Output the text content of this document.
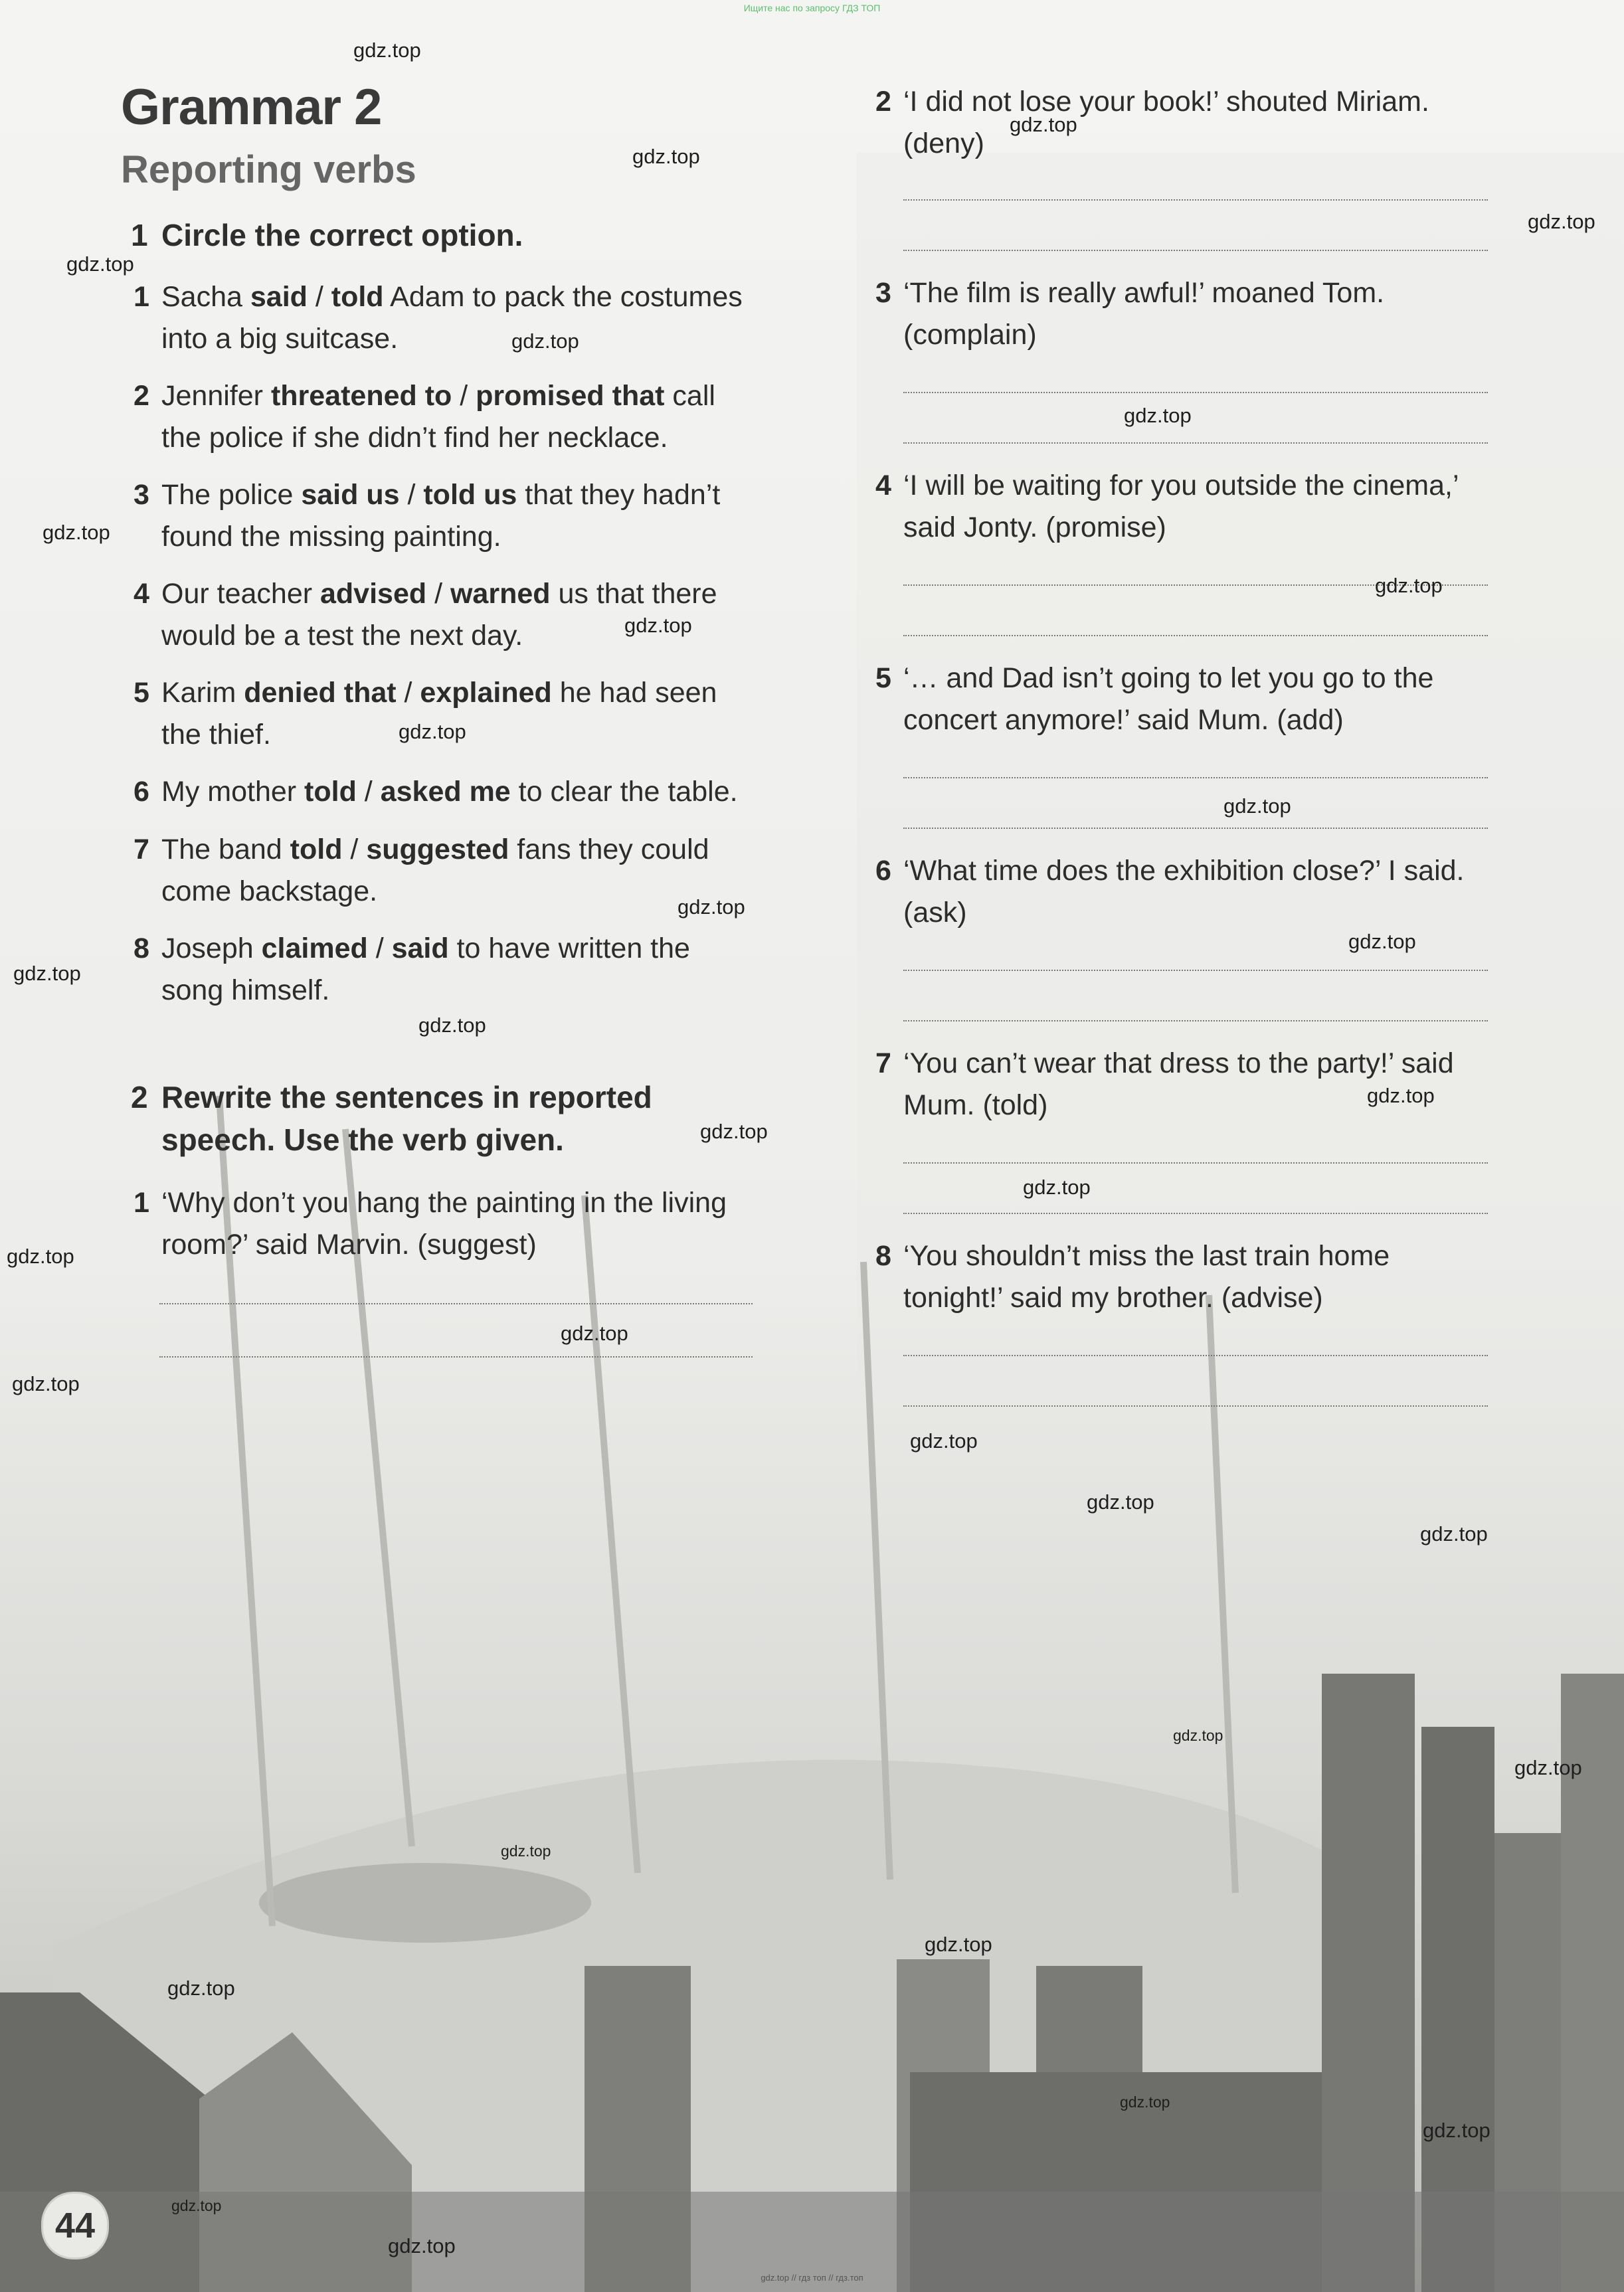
Ищите нас по запросу ГДЗ ТОП
Grammar 2
Reporting verbs
1 Circle the correct option.
1 Sacha said / told Adam to pack the costumes
into a big suitcase.
2 Jennifer threatened to / promised that call
the police if she didn’t find her necklace.
3 The police said us / told us that they hadn’t
found the missing painting.
4 Our teacher advised / warned us that there
would be a test the next day.
5 Karim denied that / explained he had seen
the thief.
6 My mother told / asked me to clear the table.
7 The band told / suggested fans they could
come backstage.
8 Joseph claimed / said to have written the
song himself.
2 Rewrite the sentences in reported
speech. Use the verb given.
1 ‘Why don’t you hang the painting in the living
room?’ said Marvin. (suggest)
2 ‘I did not lose your book!’ shouted Miriam.
(deny)
3 ‘The film is really awful!’ moaned Tom.
(complain)
4 ‘I will be waiting for you outside the cinema,’
said Jonty. (promise)
5 ‘… and Dad isn’t going to let you go to the
concert anymore!’ said Mum. (add)
6 ‘What time does the exhibition close?’ I said.
(ask)
7 ‘You can’t wear that dress to the party!’ said
Mum. (told)
8 ‘You shouldn’t miss the last train home
tonight!’ said my brother. (advise)
gdz.top
gdz.top
gdz.top
gdz.top
gdz.top
gdz.top
gdz.top
gdz.top
gdz.top
gdz.top
gdz.top
gdz.top
gdz.top
gdz.top
gdz.top
gdz.top
gdz.top
gdz.top
gdz.top
gdz.top
gdz.top
gdz.top
gdz.top
gdz.top
gdz.top
gdz.top
gdz.top
gdz.top
gdz.top
gdz.top
gdz.top
gdz.top
gdz.top
gdz.top
44
gdz.top // гдз топ // гдз.топ
